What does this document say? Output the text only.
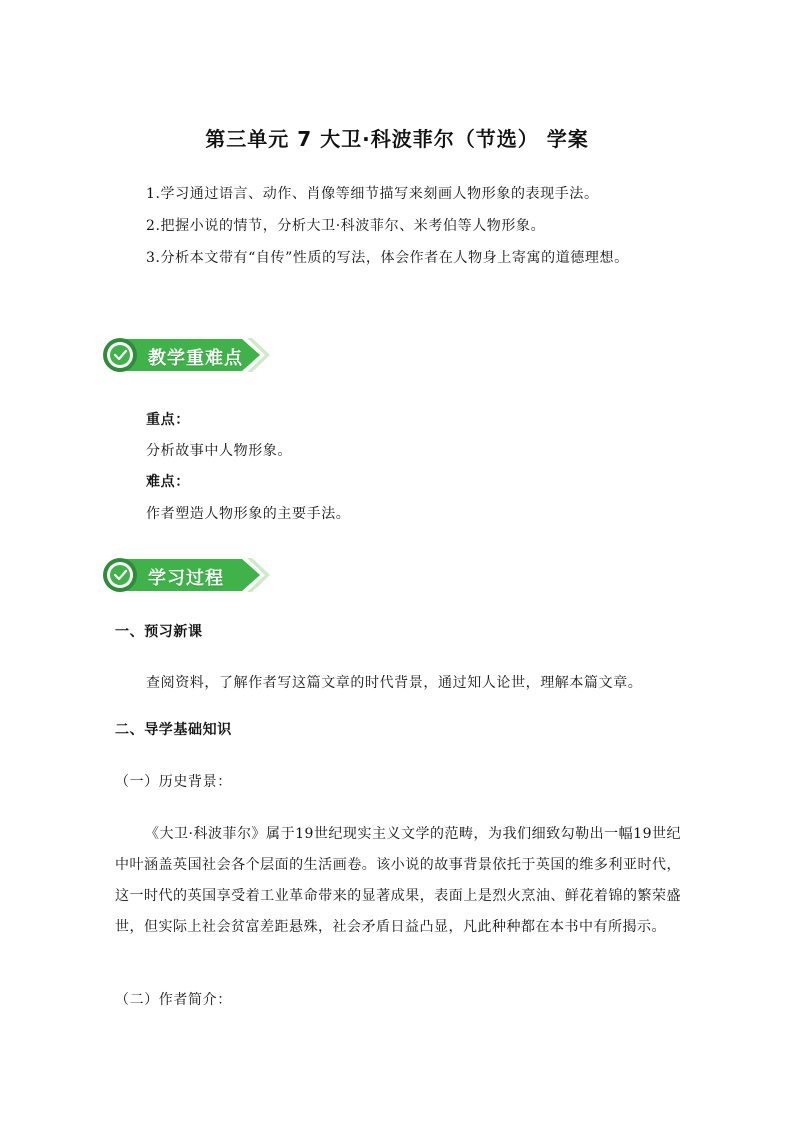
第三单元 7 大卫·科波菲尔（节选） 学案
1.学习通过语言、动作、肖像等细节描写来刻画人物形象的表现手法。
2.把握小说的情节，分析大卫·科波菲尔、米考伯等人物形象。
3.分析本文带有“自传”性质的写法，体会作者在人物身上寄寓的道德理想。
教学重难点
重点：
分析故事中人物形象。
难点：
作者塑造人物形象的主要手法。
学习过程
一、预习新课
查阅资料，了解作者写这篇文章的时代背景，通过知人论世，理解本篇文章。
二、导学基础知识
（一）历史背景：
《大卫·科波菲尔》属于19世纪现实主义文学的范畴，为我们细致勾勒出一幅19世纪中叶涵盖英国社会各个层面的生活画卷。该小说的故事背景依托于英国的维多利亚时代，这一时代的英国享受着工业革命带来的显著成果，表面上是烈火烹油、鲜花着锦的繁荣盛世，但实际上社会贫富差距悬殊，社会矛盾日益凸显，凡此种种都在本书中有所揭示。
（二）作者简介：
